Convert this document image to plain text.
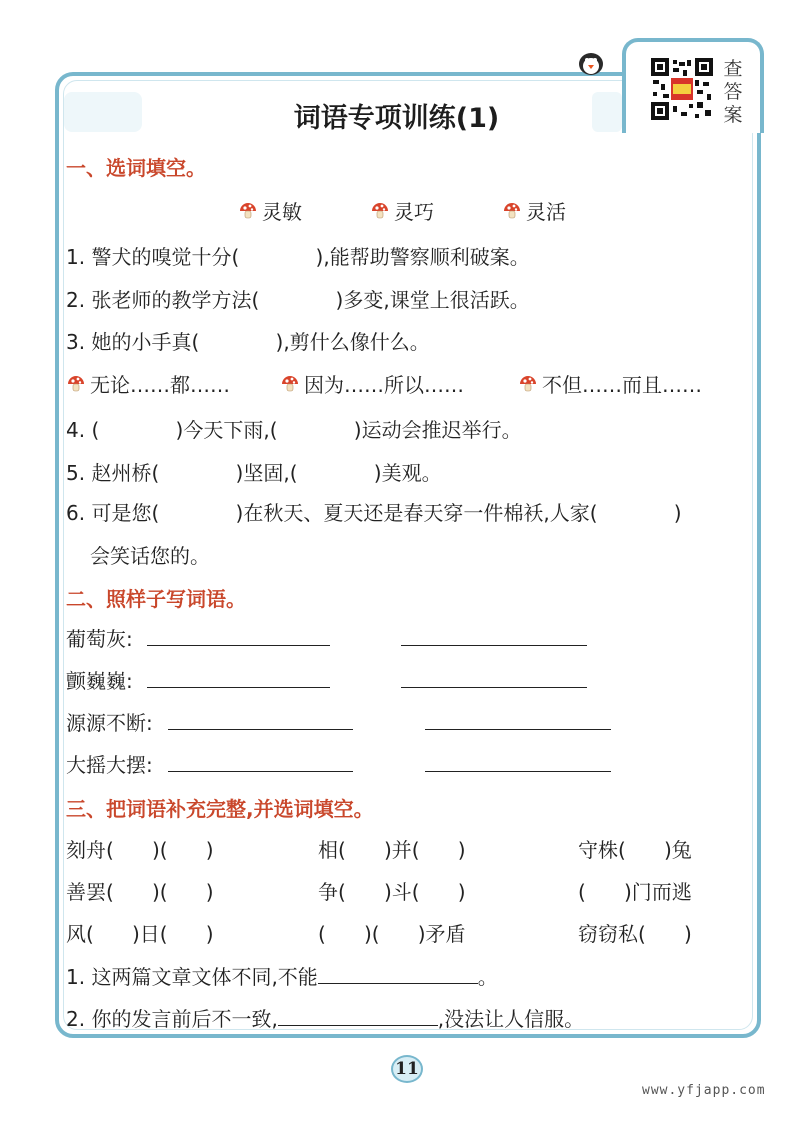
查答案
词语专项训练(1)
一、选词填空。
灵敏	灵巧	灵活
1. 警犬的嗅觉十分(            ),能帮助警察顺利破案。
2. 张老师的教学方法(            )多变,课堂上很活跃。
3. 她的小手真(            ),剪什么像什么。
无论……都……	因为……所以……	不但……而且……
4. (            )今天下雨,(            )运动会推迟举行。
5. 赵州桥(            )坚固,(            )美观。
6. 可是您(            )在秋天、夏天还是春天穿一件棉袄,人家(            )
会笑话您的。
二、照样子写词语。
葡萄灰:
颤巍巍:
源源不断:
大摇大摆:
三、把词语补充完整,并选词填空。
刻舟(      )(      )	相(      )并(      )	守株(      )兔
善罢(      )(      )	争(      )斗(      )	(      )门而逃
风(      )日(      )	(      )(      )矛盾	窃窃私(      )
1. 这两篇文章文体不同,不能	。
2. 你的发言前后不一致,	,没法让人信服。
11
www.yfjapp.com
